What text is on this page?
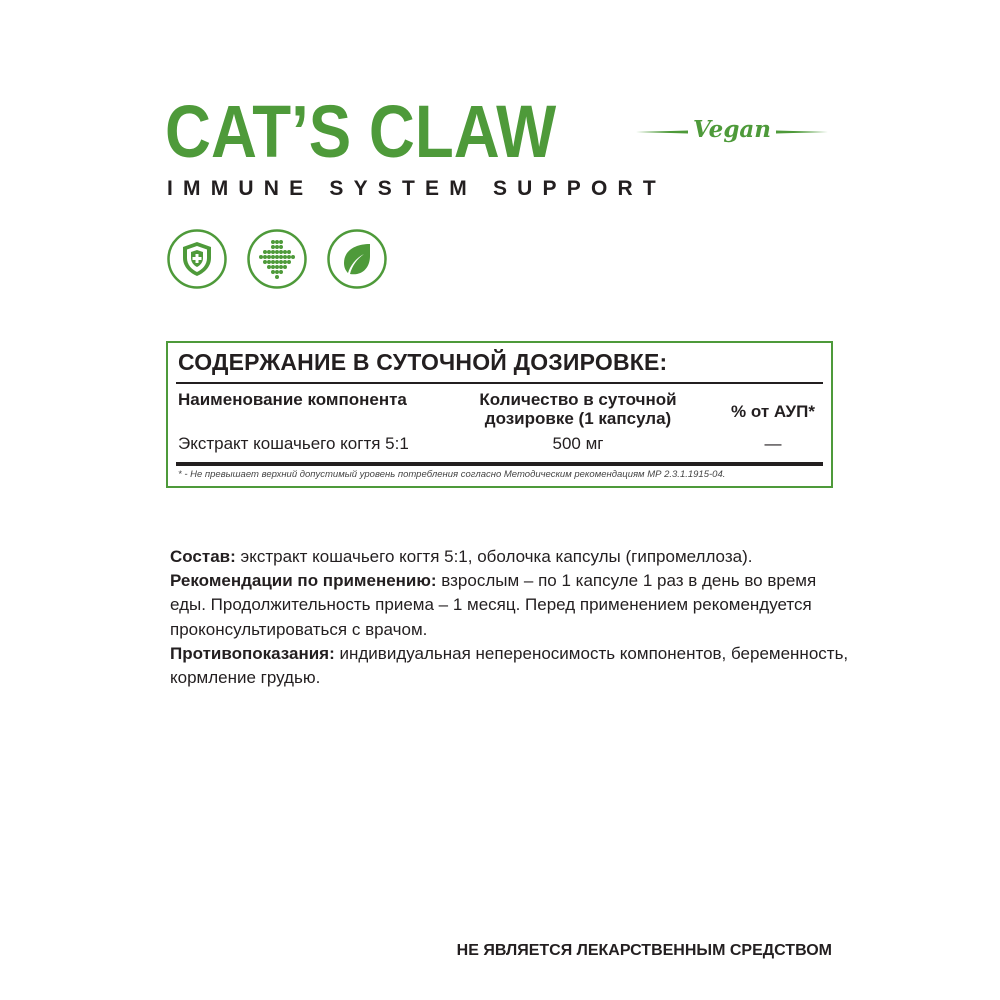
CAT’S CLAW
IMMUNE SYSTEM SUPPORT
Vegan
СОДЕРЖАНИЕ В СУТОЧНОЙ ДОЗИРОВКЕ:
Наименование компонента	Количество в суточной дозировке (1 капсула)	% от АУП*
Экстракт кошачьего когтя 5:1	500 мг	—
* - Не превышает верхний допустимый уровень потребления согласно Методическим рекомендациям МР 2.3.1.1915-04.

Состав: экстракт кошачьего когтя 5:1, оболочка капсулы (гипромеллоза).

Рекомендации по применению: взрослым – по 1 капсуле 1 раз в день во время еды. Продолжительность приема – 1 месяц. Перед применением рекомендуется проконсультироваться с врачом.

Противопоказания: индивидуальная непереносимость компонентов, беременность, кормление грудью.

НЕ ЯВЛЯЕТСЯ ЛЕКАРСТВЕННЫМ СРЕДСТВОМ
